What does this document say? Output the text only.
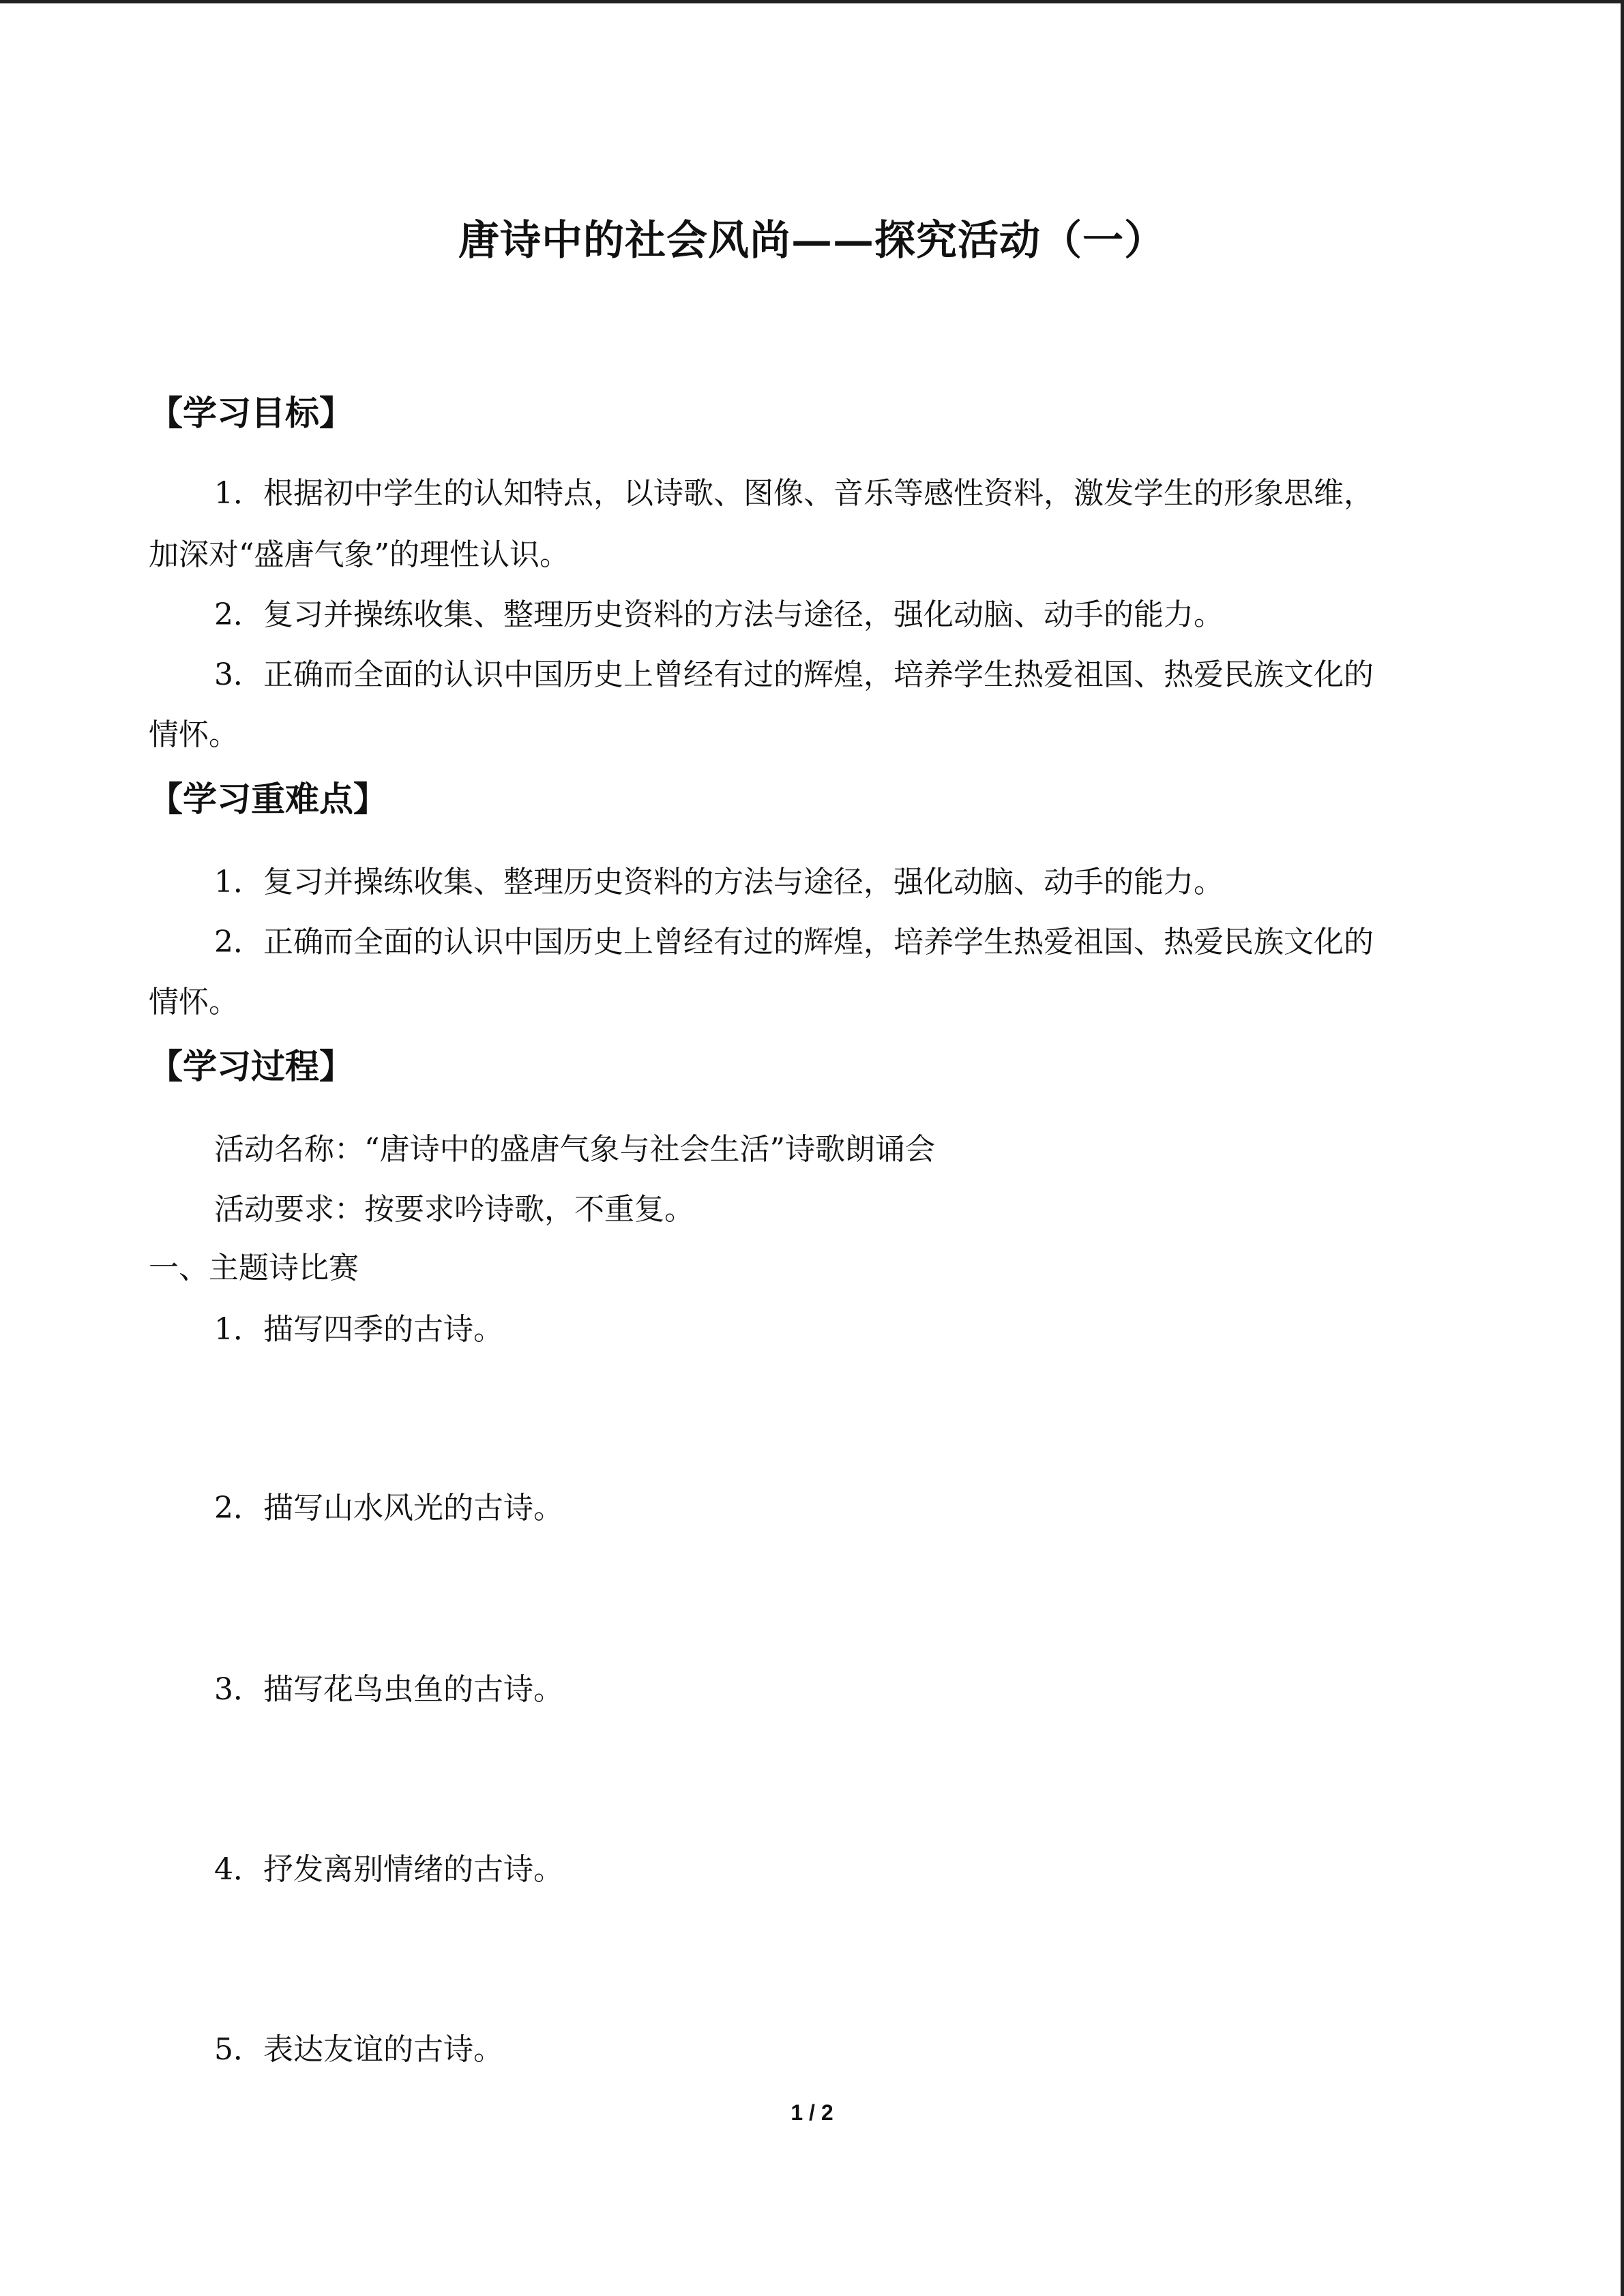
唐诗中的社会风尚——探究活动（一）
【学习目标】
1．根据初中学生的认知特点，以诗歌、图像、音乐等感性资料，激发学生的形象思维，
加深对“盛唐气象”的理性认识。
2．复习并操练收集、整理历史资料的方法与途径，强化动脑、动手的能力。
3．正确而全面的认识中国历史上曾经有过的辉煌，培养学生热爱祖国、热爱民族文化的
情怀。
【学习重难点】
1．复习并操练收集、整理历史资料的方法与途径，强化动脑、动手的能力。
2．正确而全面的认识中国历史上曾经有过的辉煌，培养学生热爱祖国、热爱民族文化的
情怀。
【学习过程】
活动名称：“唐诗中的盛唐气象与社会生活”诗歌朗诵会
活动要求：按要求吟诗歌，不重复。
一、主题诗比赛
1．描写四季的古诗。
2．描写山水风光的古诗。
3．描写花鸟虫鱼的古诗。
4．抒发离别情绪的古诗。
5．表达友谊的古诗。
1 / 2
